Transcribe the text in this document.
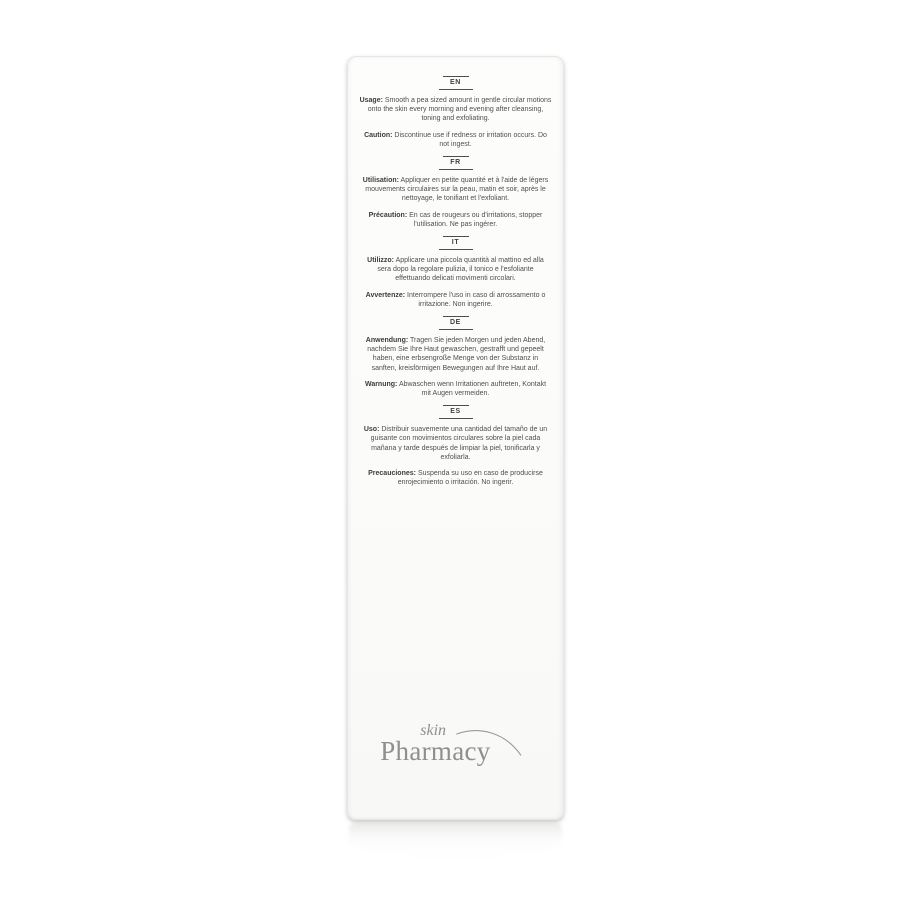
EN

Usage: Smooth a pea sized amount in gentle circular motions onto the skin every morning and evening after cleansing, toning and exfoliating.

Caution: Discontinue use if redness or irritation occurs. Do not ingest.

FR

Utilisation: Appliquer en petite quantité et à l'aide de légers mouvements circulaires sur la peau, matin et soir, après le nettoyage, le tonifiant et l'exfoliant.

Précaution: En cas de rougeurs ou d'irritations, stopper l'utilisation. Ne pas ingérer.

IT

Utilizzo: Applicare una piccola quantità al mattino ed alla sera dopo la regolare pulizia, il tonico e l'esfoliante effettuando delicati movimenti circolari.

Avvertenze: Interrompere l'uso in caso di arrossamento o irritazione. Non ingerire.

DE

Anwendung: Tragen Sie jeden Morgen und jeden Abend, nachdem Sie Ihre Haut gewaschen, gestrafft und gepeelt haben, eine erbsengroße Menge von der Substanz in sanften, kreisförmigen Bewegungen auf Ihre Haut auf.

Warnung: Abwaschen wenn Irritationen auftreten, Kontakt mit Augen vermeiden.

ES

Uso: Distribuir suavemente una cantidad del tamaño de un guisante con movimientos circulares sobre la piel cada mañana y tarde después de limpiar la piel, tonificarla y exfoliarla.

Precauciones: Suspenda su uso en caso de producirse enrojecimiento o irritación. No ingerir.

skin
Pharmacy
